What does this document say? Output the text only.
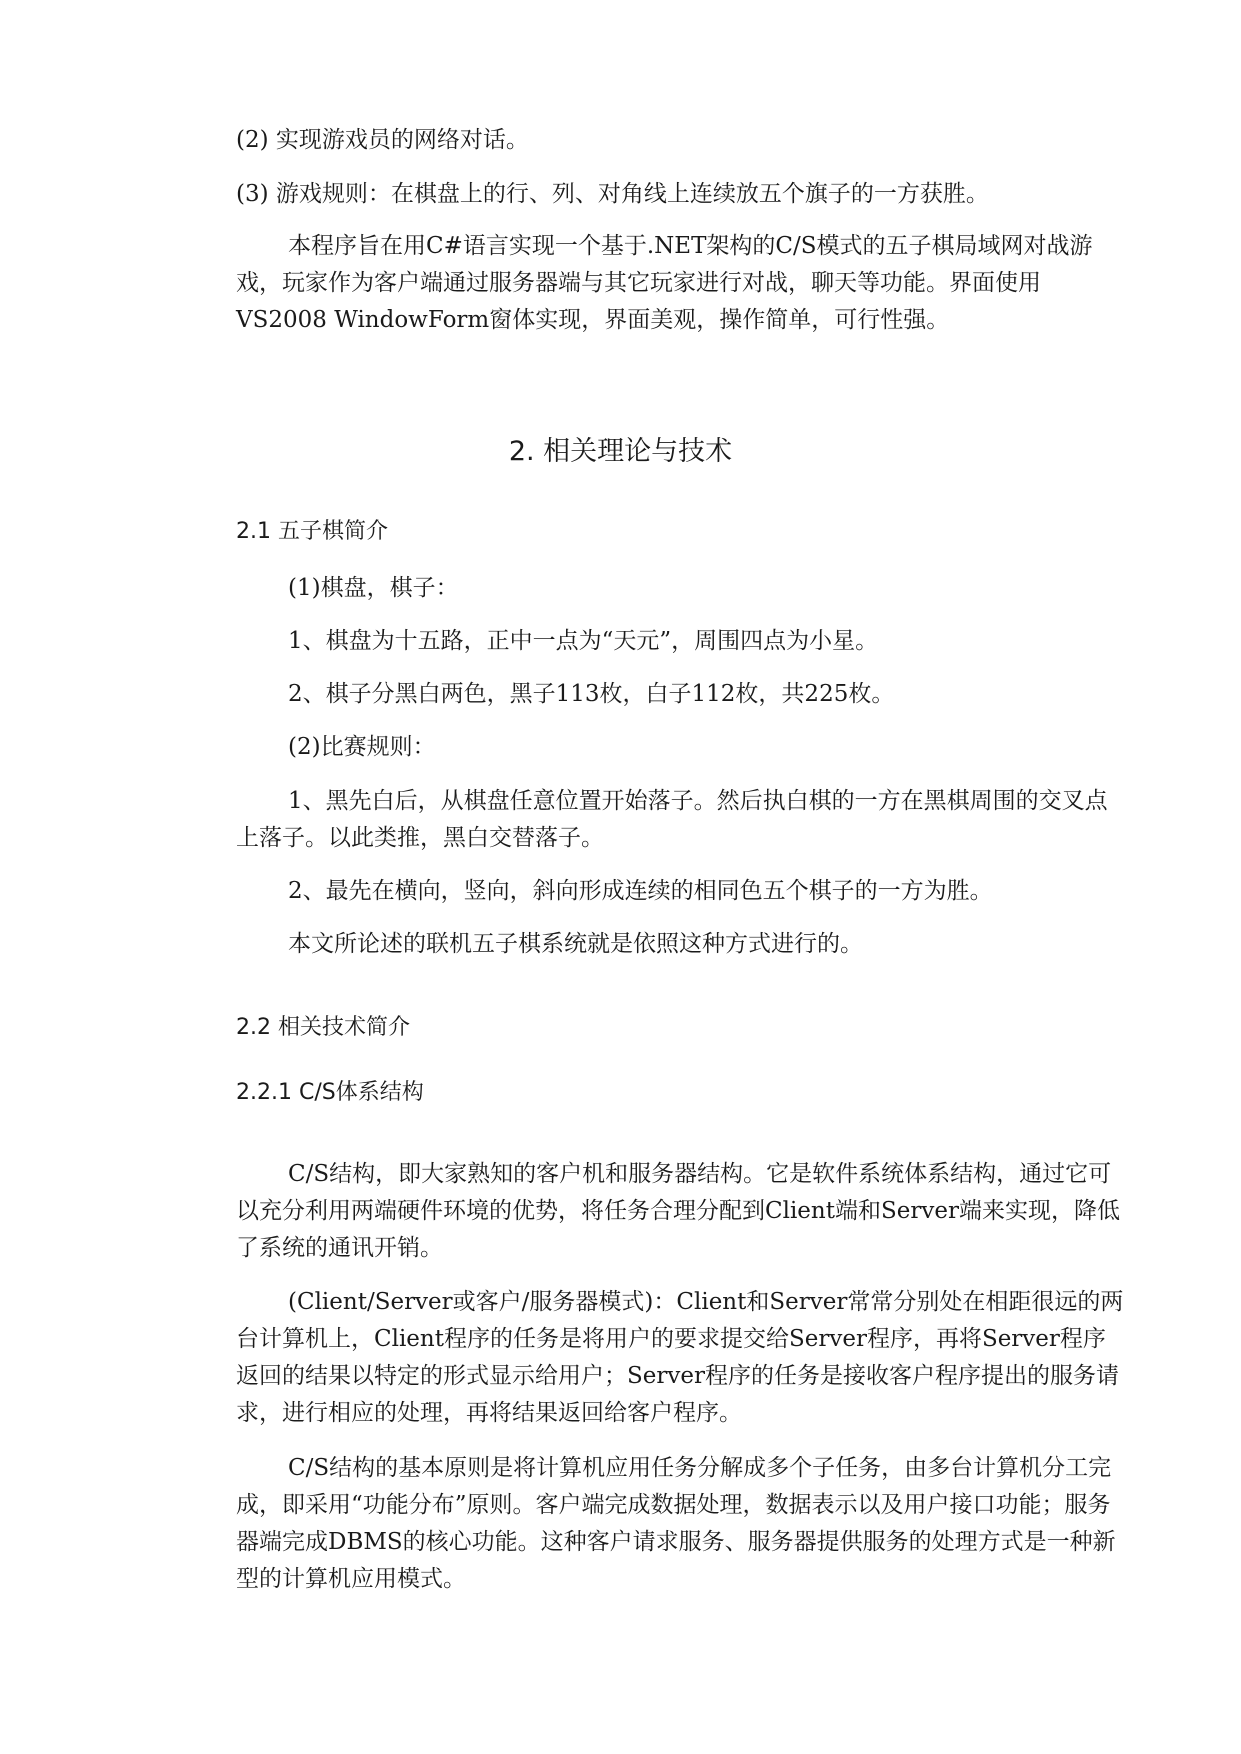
(2) 实现游戏员的网络对话。

(3) 游戏规则：在棋盘上的行、列、对角线上连续放五个旗子的一方获胜。

本程序旨在用C#语言实现一个基于.NET架构的C/S模式的五子棋局域网对战游戏，玩家作为客户端通过服务器端与其它玩家进行对战，聊天等功能。界面使用VS2008 WindowForm窗体实现，界面美观，操作简单，可行性强。

2. 相关理论与技术
2.1 五子棋简介

(1)棋盘，棋子：

1、棋盘为十五路，正中一点为“天元”，周围四点为小星。

2、棋子分黑白两色，黑子113枚，白子112枚，共225枚。

(2)比赛规则：

1、黑先白后，从棋盘任意位置开始落子。然后执白棋的一方在黑棋周围的交叉点上落子。以此类推，黑白交替落子。

2、最先在横向，竖向，斜向形成连续的相同色五个棋子的一方为胜。

本文所论述的联机五子棋系统就是依照这种方式进行的。

2.2 相关技术简介
2.2.1 C/S体系结构

C/S结构，即大家熟知的客户机和服务器结构。它是软件系统体系结构，通过它可以充分利用两端硬件环境的优势，将任务合理分配到Client端和Server端来实现，降低了系统的通讯开销。

(Client/Server或客户/服务器模式)：Client和Server常常分别处在相距很远的两台计算机上，Client程序的任务是将用户的要求提交给Server程序，再将Server程序返回的结果以特定的形式显示给用户；Server程序的任务是接收客户程序提出的服务请求，进行相应的处理，再将结果返回给客户程序。

C/S结构的基本原则是将计算机应用任务分解成多个子任务，由多台计算机分工完成，即采用“功能分布”原则。客户端完成数据处理，数据表示以及用户接口功能；服务器端完成DBMS的核心功能。这种客户请求服务、服务器提供服务的处理方式是一种新型的计算机应用模式。
